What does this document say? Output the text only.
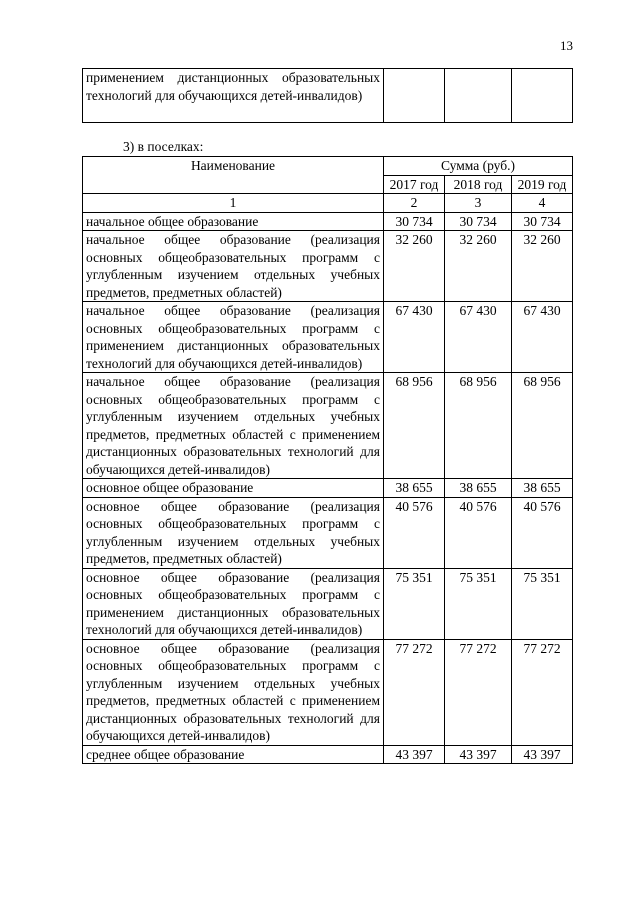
13
применением дистанционных образовательных технологий для обучающихся детей-инвалидов)			
3) в поселках:
Наименование	Сумма (руб.)		
	2017 год	2018 год	2019 год
1	2	3	4
начальное общее образование	30 734	30 734	30 734
начальное общее образование (реализация основных общеобразовательных программ с углубленным изучением отдельных учебных предметов, предметных областей)	32 260	32 260	32 260
начальное общее образование (реализация основных общеобразовательных программ с применением дистанционных образовательных технологий для обучающихся детей-инвалидов)	67 430	67 430	67 430
начальное общее образование (реализация основных общеобразовательных программ с углубленным изучением отдельных учебных предметов, предметных областей с применением дистанционных образовательных технологий для обучающихся детей-инвалидов)	68 956	68 956	68 956
основное общее образование	38 655	38 655	38 655
основное общее образование (реализация основных общеобразовательных программ с углубленным изучением отдельных учебных предметов, предметных областей)	40 576	40 576	40 576
основное общее образование (реализация основных общеобразовательных программ с применением дистанционных образовательных технологий для обучающихся детей-инвалидов)	75 351	75 351	75 351
основное общее образование (реализация основных общеобразовательных программ с углубленным изучением отдельных учебных предметов, предметных областей с применением дистанционных образовательных технологий для обучающихся детей-инвалидов)	77 272	77 272	77 272
среднее общее образование	43 397	43 397	43 397
